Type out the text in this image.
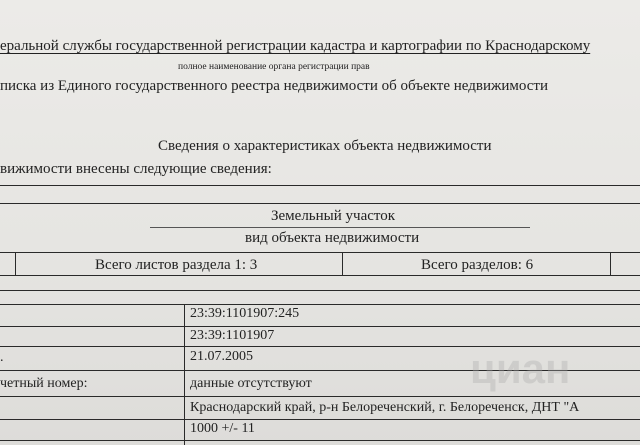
еральной службы государственной регистрации кадастра и картографии по Краснодарскому
полное наименование органа регистрации прав
писка из Единого государственного реестра недвижимости об объекте недвижимости
Сведения о характеристиках объекта недвижимости
вижимости внесены следующие сведения:
Земельный участок
вид объекта недвижимости
Всего листов раздела 1: 3	Всего разделов: 6
23:39:1101907:245
23:39:1101907
.	21.07.2005
четный номер:	данные отсутствуют
Краснодарский край, р-н Белореченский, г. Белореченск, ДНТ "А
1000 +/- 11
циан
